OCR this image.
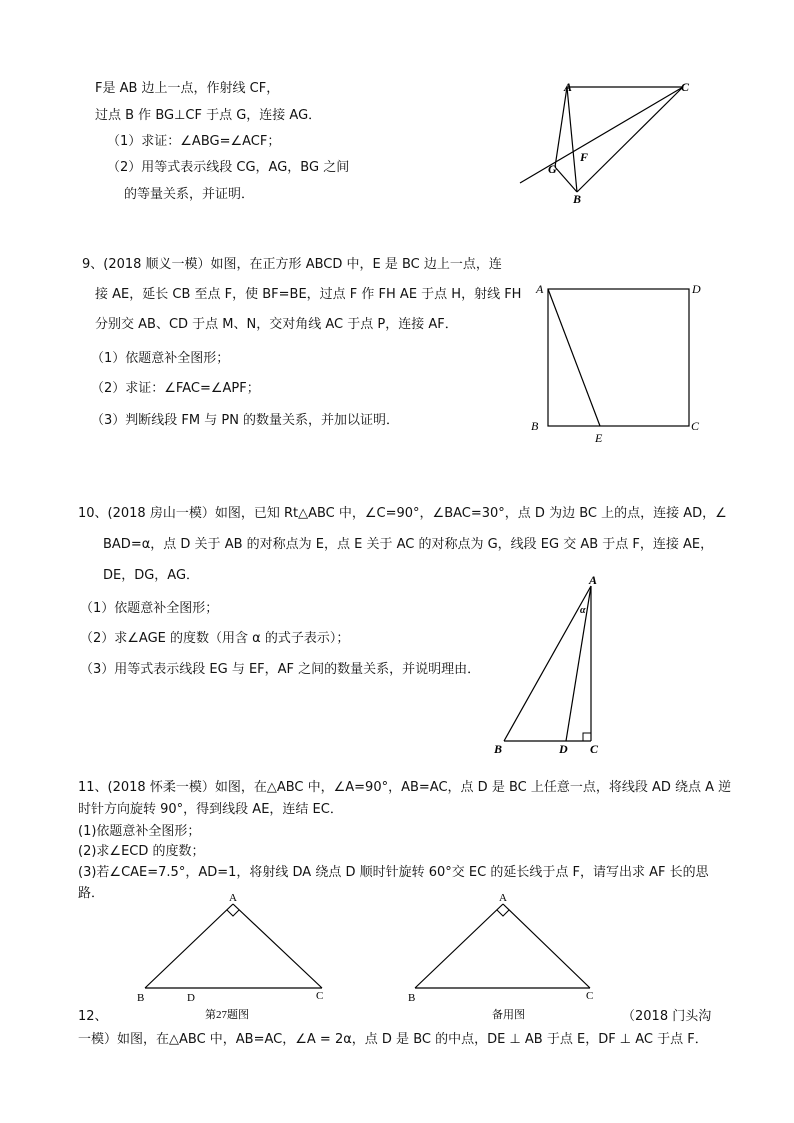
F是 AB 边上一点，作射线 CF，
过点 B 作 BG⊥CF 于点 G，连接 AG．
（1）求证：∠ABG=∠ACF；
（2）用等式表示线段 CG，AG，BG 之间
的等量关系，并证明．
A	C
F
G
B
9、(2018 顺义一模）如图，在正方形 ABCD 中，E 是 BC 边上一点，连
接 AE，延长 CB 至点 F，使 BF=BE，过点 F 作 FH AE 于点 H，射线 FH
分别交 AB、CD 于点 M、N，交对角线 AC 于点 P，连接 AF．
（1）依题意补全图形；
（2）求证：∠FAC=∠APF；
（3）判断线段 FM 与 PN 的数量关系，并加以证明．
A	D
B
E
C
10、(2018 房山一模）如图，已知 Rt△ABC 中，∠C=90°，∠BAC=30°，点 D 为边 BC 上的点，连接 AD，∠
BAD=α，点 D 关于 AB 的对称点为 E，点 E 关于 AC 的对称点为 G，线段 EG 交 AB 于点 F，连接 AE，
DE，DG，AG．
（1）依题意补全图形；
（2）求∠AGE 的度数（用含 α 的式子表示）；
（3）用等式表示线段 EG 与 EF，AF 之间的数量关系，并说明理由．
A
α
B	D C
11、(2018 怀柔一模）如图，在△ABC 中，∠A=90°，AB=AC，点 D 是 BC 上任意一点，将线段 AD 绕点 A 逆
时针方向旋转 90°，得到线段 AE，连结 EC．
(1)依题意补全图形；
(2)求∠ECD 的度数；
(3)若∠CAE=7.5°，AD=1，将射线 DA 绕点 D 顺时针旋转 60°交 EC 的延长线于点 F，请写出求 AF 长的思
路．	A
B	D	C
第27题图
A
B	C
备用图
12、	（2018 门头沟
一模）如图，在△ABC 中，AB=AC，∠A = 2α，点 D 是 BC 的中点，DE ⊥ AB 于点 E，DF ⊥ AC 于点 F．
